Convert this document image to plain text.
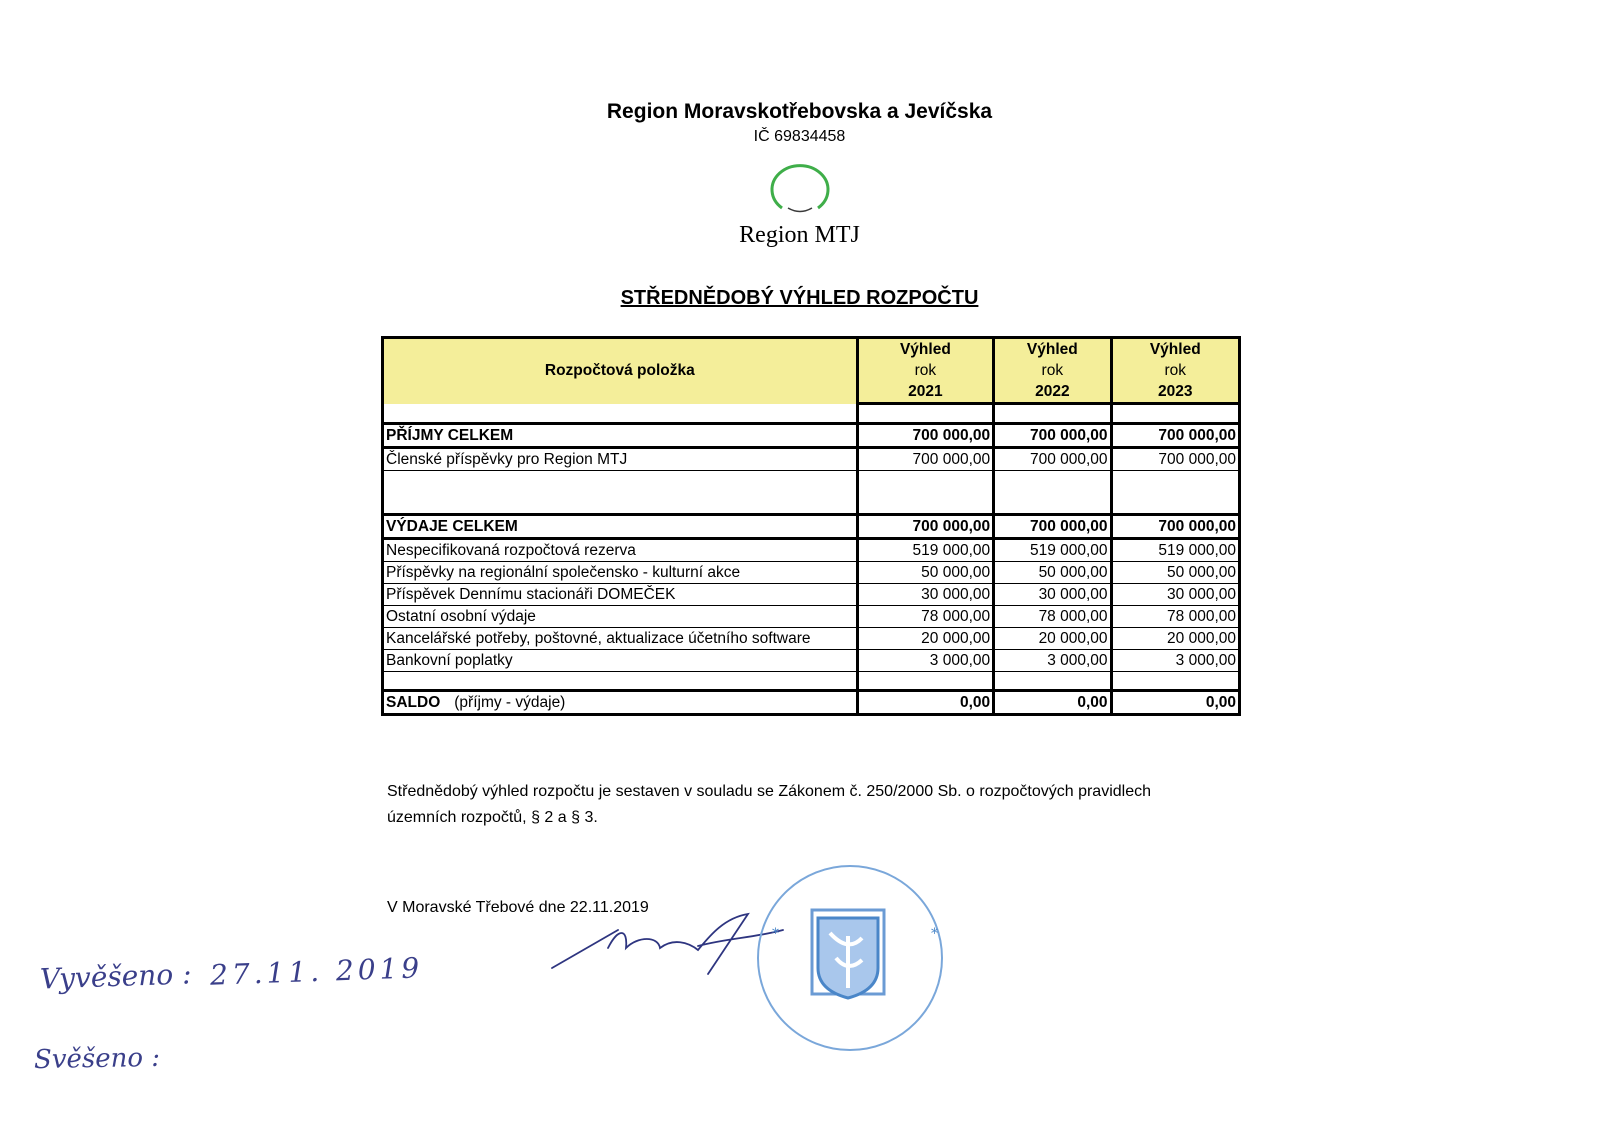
Region Moravskotřebovska a Jevíčska
IČ 69834458
Region MTJ
STŘEDNĚDOBÝ VÝHLED ROZPOČTU
Rozpočtová položka	Výhled	Výhled	Výhled
	rok	rok	rok
	2021	2022	2023

PŘÍJMY CELKEM	700 000,00	700 000,00	700 000,00
Členské příspěvky pro Region MTJ	700 000,00	700 000,00	700 000,00

VÝDAJE CELKEM	700 000,00	700 000,00	700 000,00
Nespecifikovaná rozpočtová rezerva	519 000,00	519 000,00	519 000,00
Příspěvky na regionální společensko - kulturní akce	50 000,00	50 000,00	50 000,00
Příspěvek Dennímu stacionáři DOMEČEK	30 000,00	30 000,00	30 000,00
Ostatní osobní výdaje	78 000,00	78 000,00	78 000,00
Kancelářské potřeby, poštovné, aktualizace účetního software	20 000,00	20 000,00	20 000,00
Bankovní poplatky	3 000,00	3 000,00	3 000,00

SALDO (příjmy - výdaje)	0,00	0,00	0,00
Střednědobý výhled rozpočtu je sestaven v souladu se Zákonem č. 250/2000 Sb. o rozpočtových pravidlech územních rozpočtů, § 2 a § 3.
V Moravské Třebové dne 22.11.2019
*
*
Vyvěšeno : 27.11. 2019
Svěšeno :
